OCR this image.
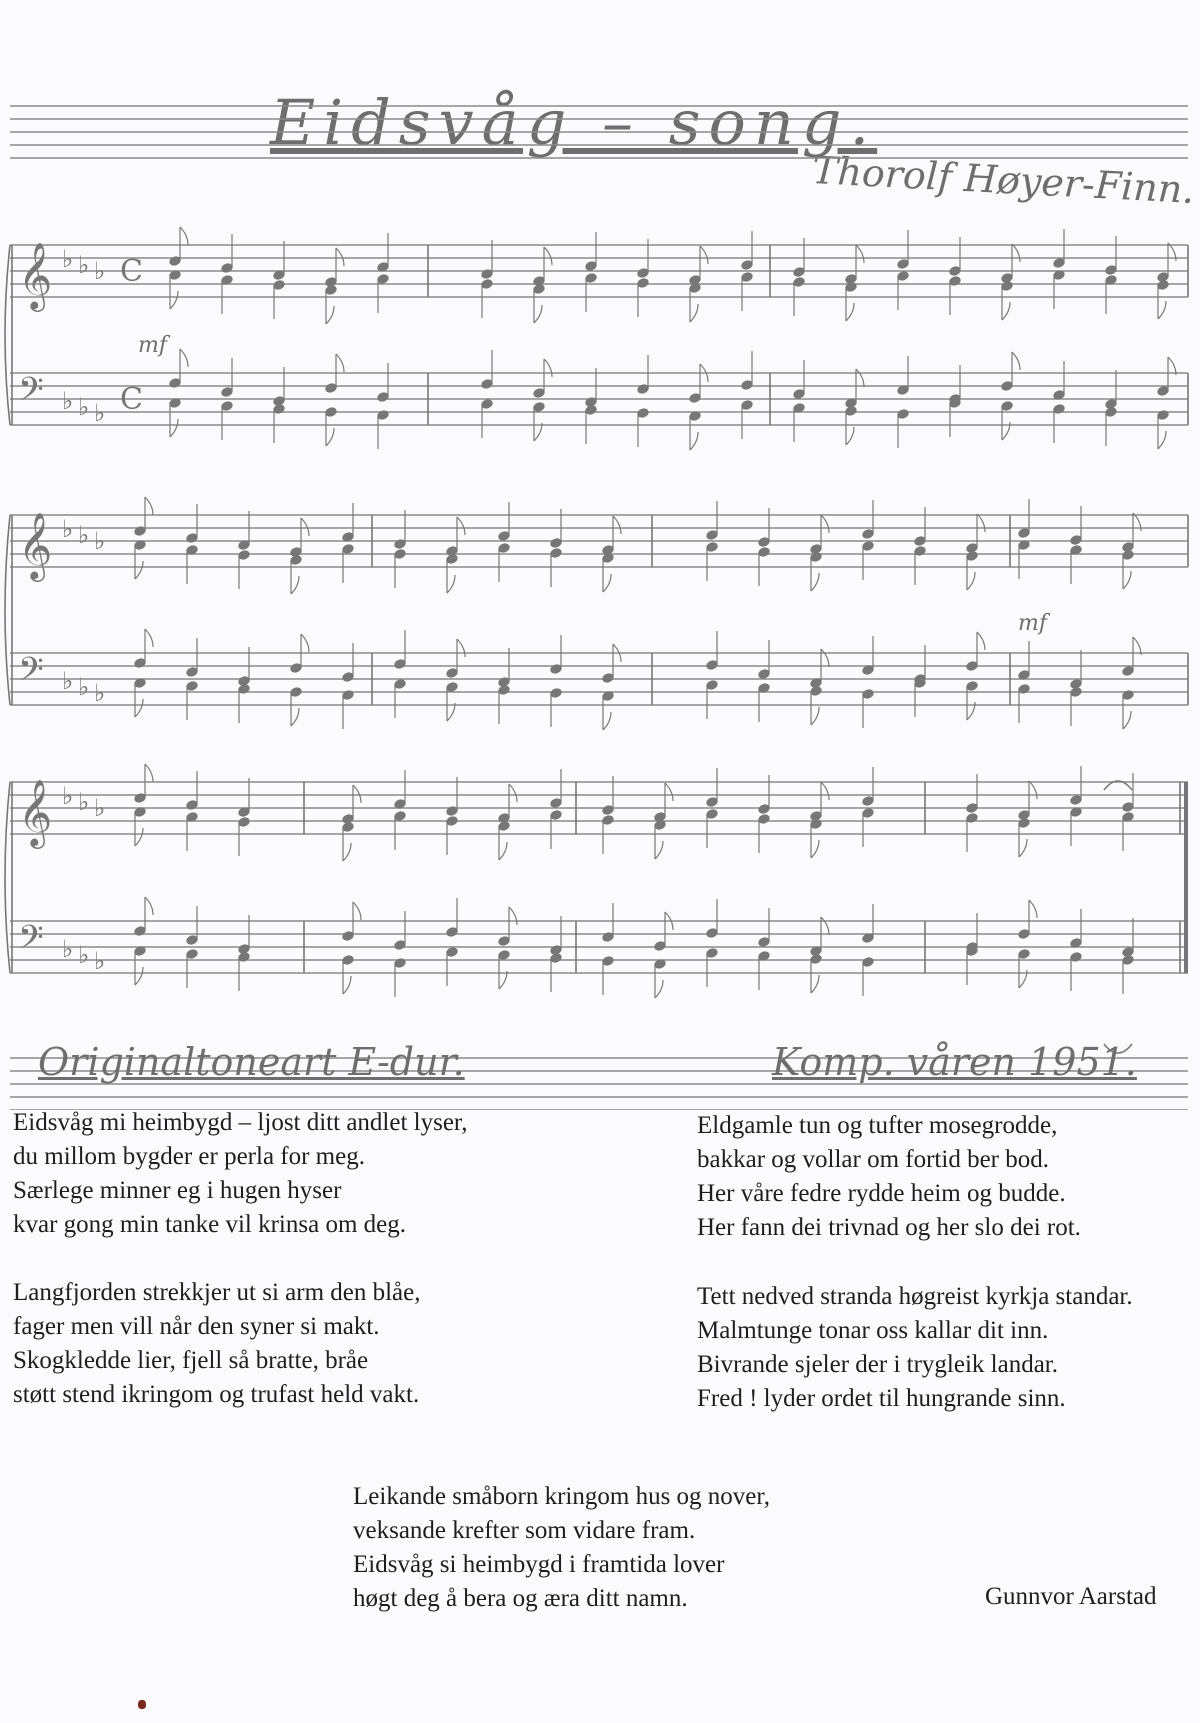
Eidsvåg – song.
Thorolf Høyer-Finn.
𝄞
𝄢
♭
♭
♭
♭
♭
♭
C
C
𝄞
𝄢
♭
♭
♭
♭
♭
♭
𝄞
𝄢
♭
♭
♭
♭
♭
♭
mf
mf
Originaltoneart E-dur.	Komp. våren 1951.
Eidsvåg mi heimbygd – ljost ditt andlet lyser,
du millom bygder er perla for meg.
Særlege minner eg i hugen hyser
kvar gong min tanke vil krinsa om deg.
Langfjorden strekkjer ut si arm den blåe,
fager men vill når den syner si makt.
Skogkledde lier, fjell så bratte, bråe
støtt stend ikringom og trufast held vakt.
Eldgamle tun og tufter mosegrodde,
bakkar og vollar om fortid ber bod.
Her våre fedre rydde heim og budde.
Her fann dei trivnad og her slo dei rot.
Tett nedved stranda høgreist kyrkja standar.
Malmtunge tonar oss kallar dit inn.
Bivrande sjeler der i trygleik landar.
Fred ! lyder ordet til hungrande sinn.
Leikande småborn kringom hus og nover,
veksande krefter som vidare fram.
Eidsvåg si heimbygd i framtida lover
høgt deg å bera og æra ditt namn.	Gunnvor Aarstad
